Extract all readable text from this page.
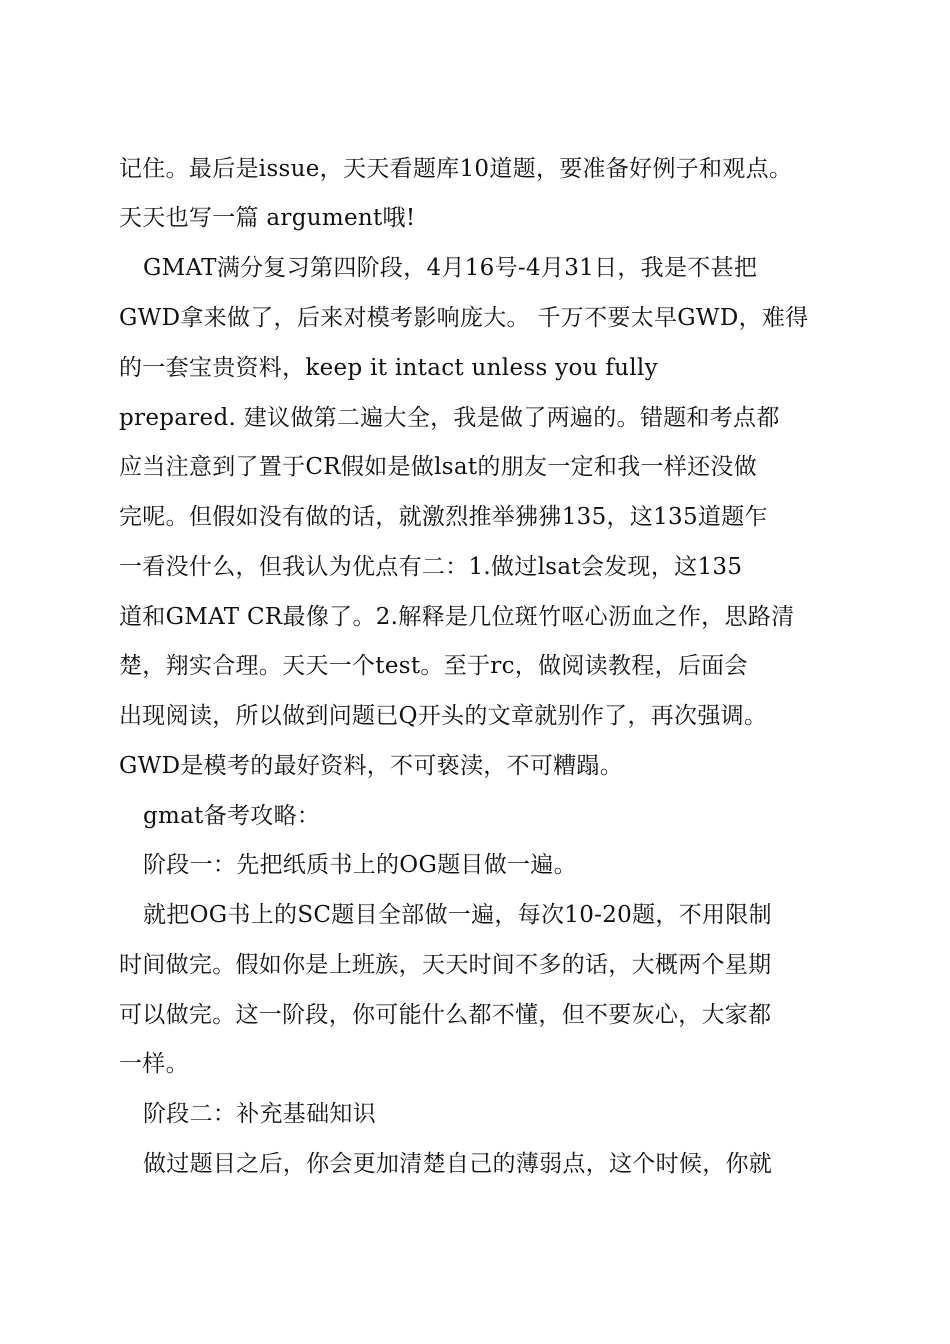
记住。最后是issue，天天看题库10道题，要准备好例子和观点。
天天也写一篇 argument哦!
GMAT满分复习第四阶段，4月16号-4月31日，我是不甚把
GWD拿来做了，后来对模考影响庞大。 千万不要太早GWD，难得
的一套宝贵资料，keep it intact unless you fully
prepared. 建议做第二遍大全，我是做了两遍的。错题和考点都
应当注意到了置于CR假如是做lsat的朋友一定和我一样还没做
完呢。但假如没有做的话，就激烈推举狒狒135，这135道题乍
一看没什么，但我认为优点有二：1.做过lsat会发现，这135
道和GMAT CR最像了。2.解释是几位斑竹呕心沥血之作，思路清
楚，翔实合理。天天一个test。至于rc，做阅读教程，后面会
出现阅读，所以做到问题已Q开头的文章就别作了，再次强调。
GWD是模考的最好资料，不可亵渎，不可糟蹋。
gmat备考攻略：
阶段一：先把纸质书上的OG题目做一遍。
就把OG书上的SC题目全部做一遍，每次10-20题，不用限制
时间做完。假如你是上班族，天天时间不多的话，大概两个星期
可以做完。这一阶段，你可能什么都不懂，但不要灰心，大家都
一样。
阶段二：补充基础知识
做过题目之后，你会更加清楚自己的薄弱点，这个时候，你就
